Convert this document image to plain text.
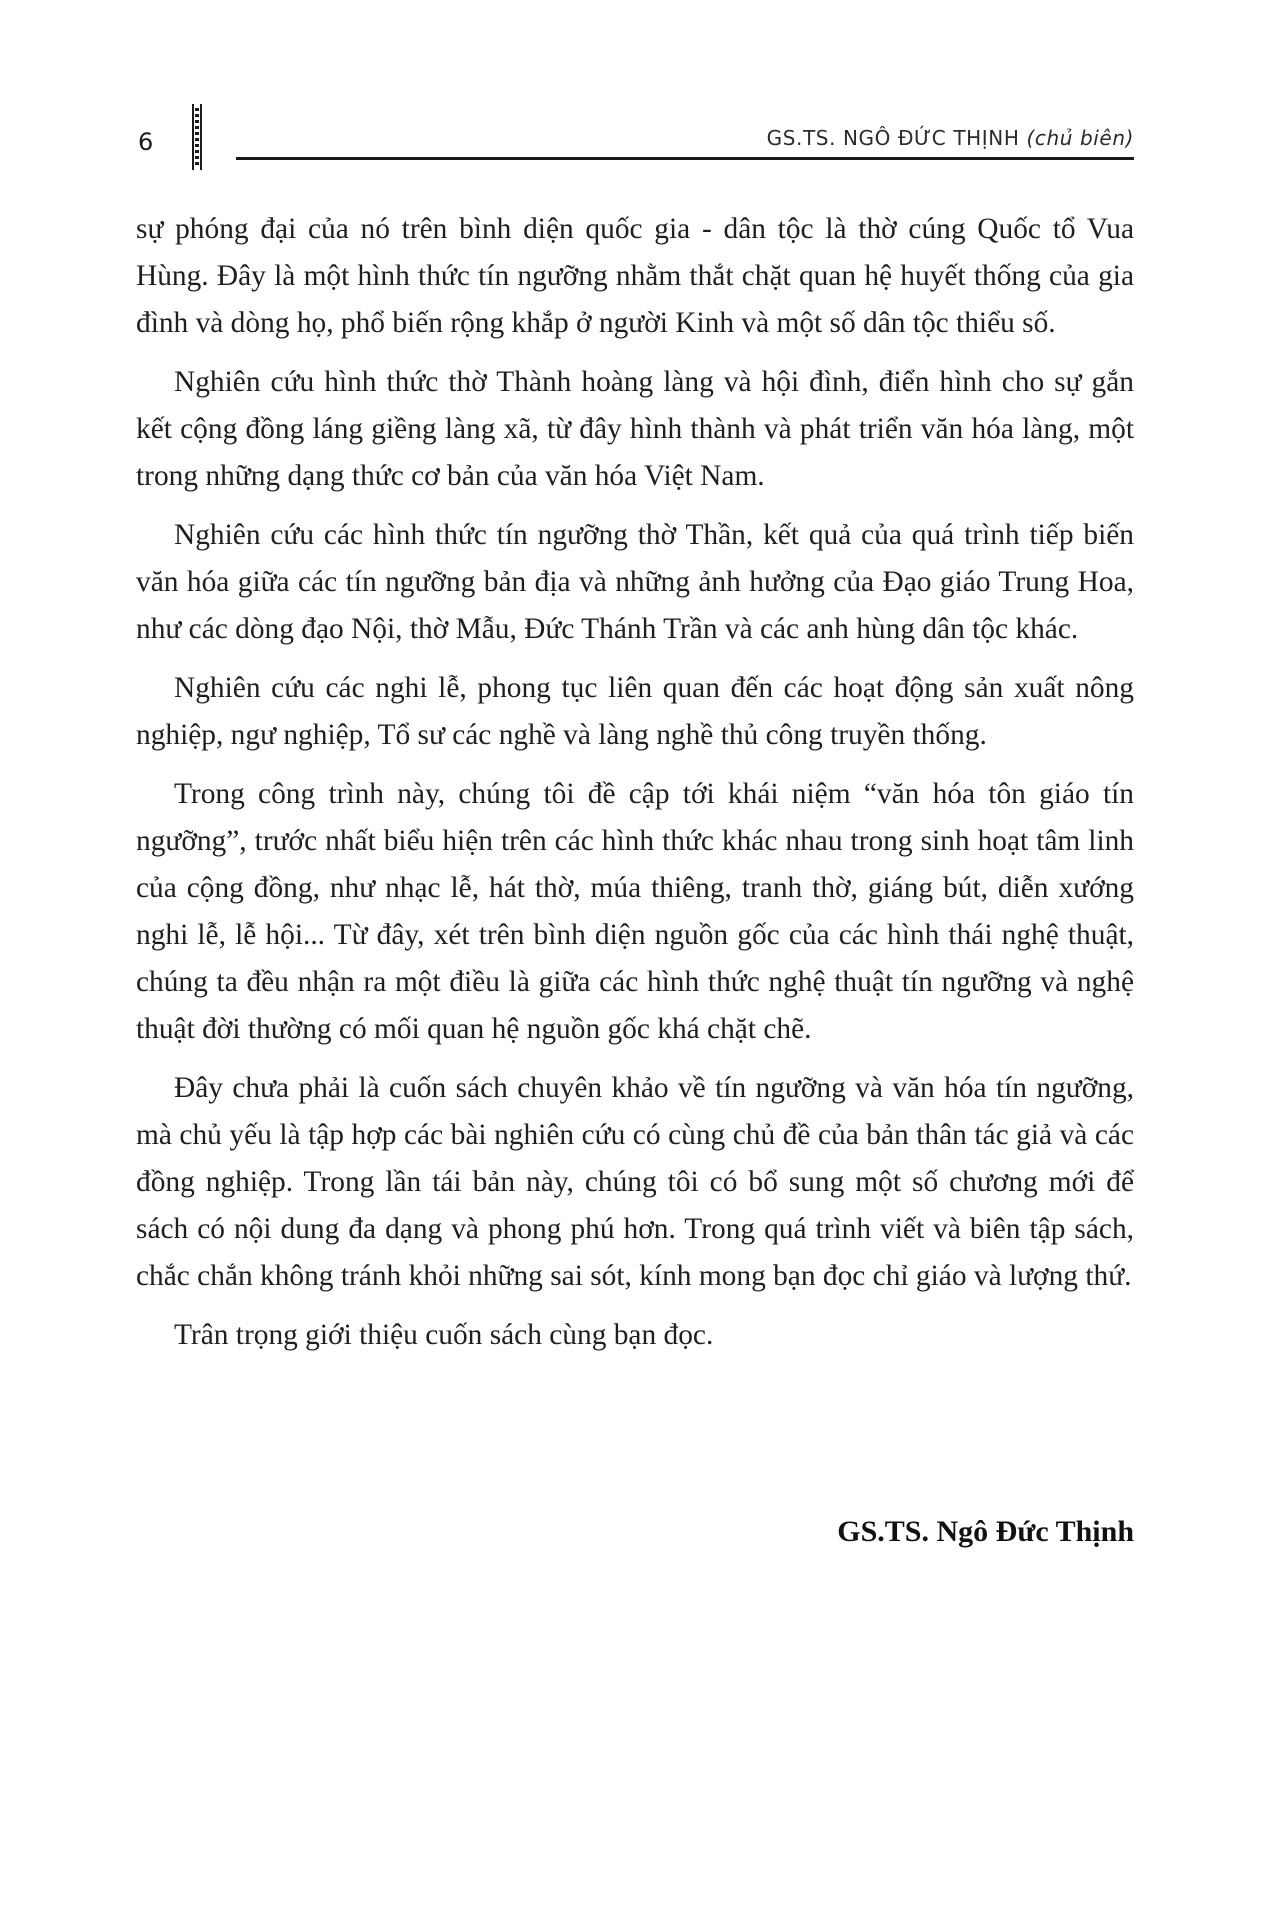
6	GS.TS. NGÔ ĐỨC THỊNH (chủ biên)

sự phóng đại của nó trên bình diện quốc gia - dân tộc là thờ cúng Quốc tổ Vua Hùng. Đây là một hình thức tín ngưỡng nhằm thắt chặt quan hệ huyết thống của gia đình và dòng họ, phổ biến rộng khắp ở người Kinh và một số dân tộc thiểu số.

Nghiên cứu hình thức thờ Thành hoàng làng và hội đình, điển hình cho sự gắn kết cộng đồng láng giềng làng xã, từ đây hình thành và phát triển văn hóa làng, một trong những dạng thức cơ bản của văn hóa Việt Nam.

Nghiên cứu các hình thức tín ngưỡng thờ Thần, kết quả của quá trình tiếp biến văn hóa giữa các tín ngưỡng bản địa và những ảnh hưởng của Đạo giáo Trung Hoa, như các dòng đạo Nội, thờ Mẫu, Đức Thánh Trần và các anh hùng dân tộc khác.

Nghiên cứu các nghi lễ, phong tục liên quan đến các hoạt động sản xuất nông nghiệp, ngư nghiệp, Tổ sư các nghề và làng nghề thủ công truyền thống.

Trong công trình này, chúng tôi đề cập tới khái niệm “văn hóa tôn giáo tín ngưỡng”, trước nhất biểu hiện trên các hình thức khác nhau trong sinh hoạt tâm linh của cộng đồng, như nhạc lễ, hát thờ, múa thiêng, tranh thờ, giáng bút, diễn xướng nghi lễ, lễ hội... Từ đây, xét trên bình diện nguồn gốc của các hình thái nghệ thuật, chúng ta đều nhận ra một điều là giữa các hình thức nghệ thuật tín ngưỡng và nghệ thuật đời thường có mối quan hệ nguồn gốc khá chặt chẽ.

Đây chưa phải là cuốn sách chuyên khảo về tín ngưỡng và văn hóa tín ngưỡng, mà chủ yếu là tập hợp các bài nghiên cứu có cùng chủ đề của bản thân tác giả và các đồng nghiệp. Trong lần tái bản này, chúng tôi có bổ sung một số chương mới để sách có nội dung đa dạng và phong phú hơn. Trong quá trình viết và biên tập sách, chắc chắn không tránh khỏi những sai sót, kính mong bạn đọc chỉ giáo và lượng thứ.

Trân trọng giới thiệu cuốn sách cùng bạn đọc.

GS.TS. Ngô Đức Thịnh
